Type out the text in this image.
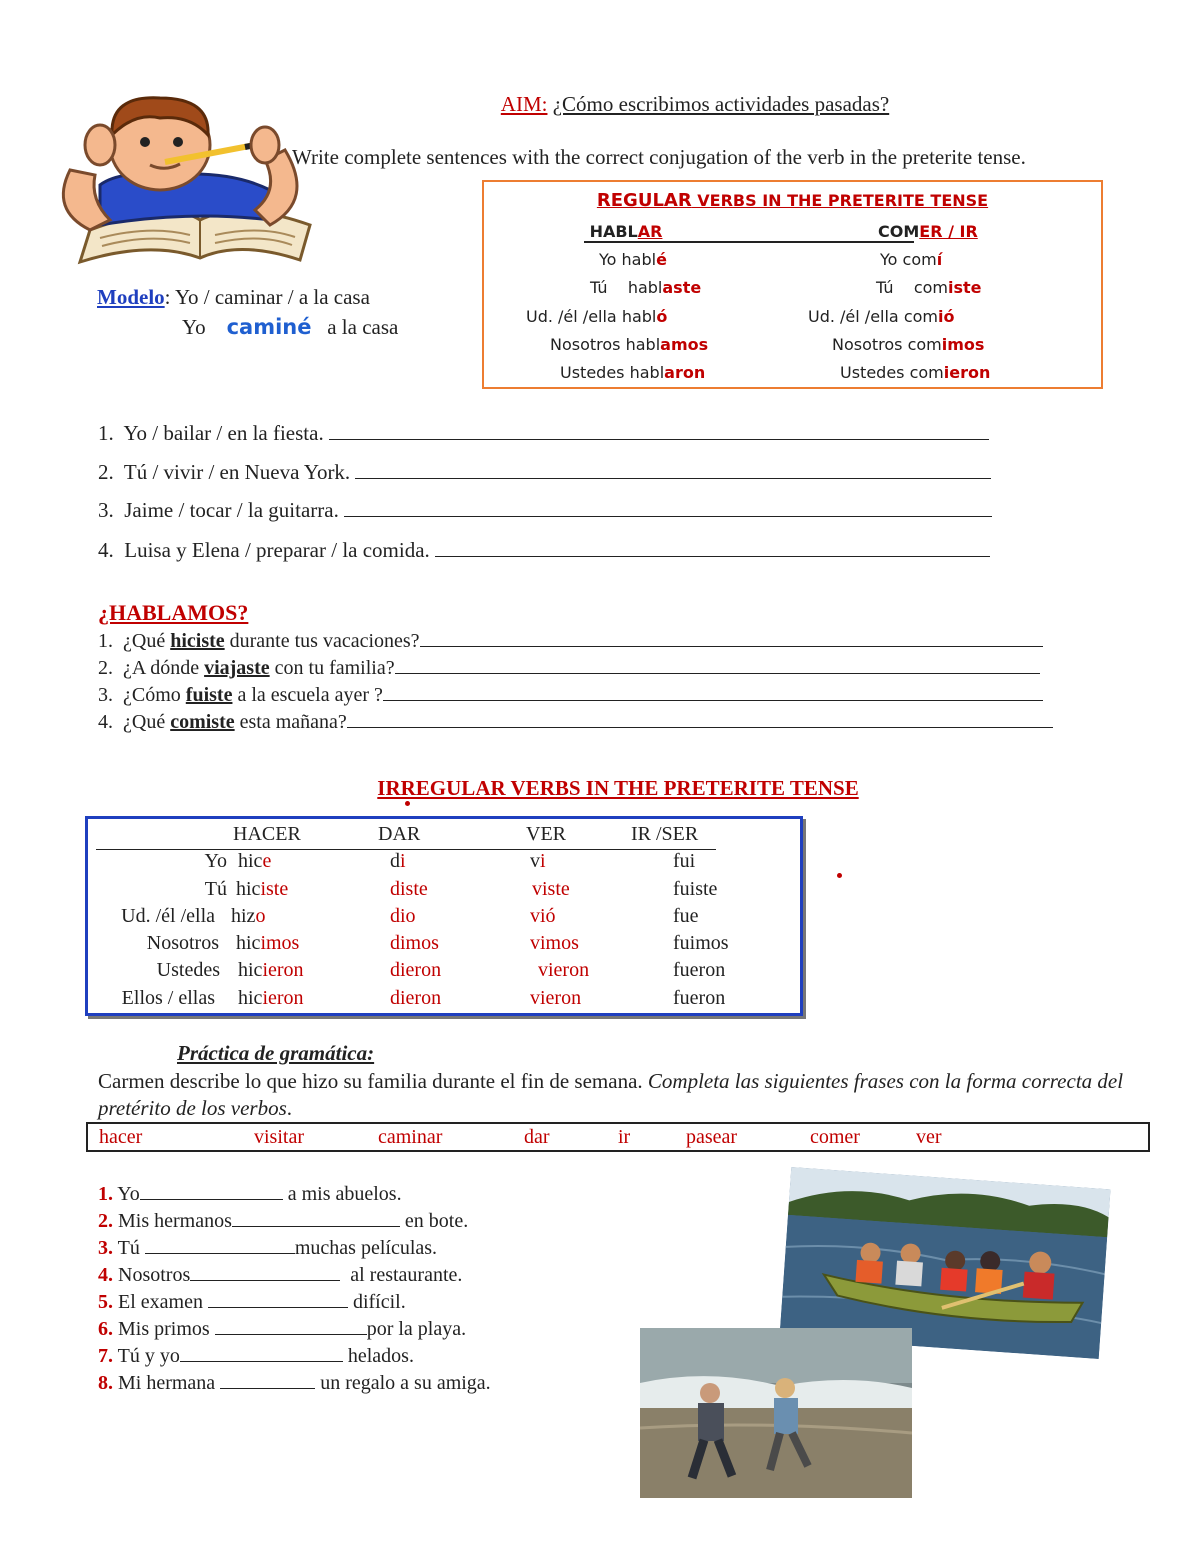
AIM: ¿Cómo escribimos actividades pasadas?
Write complete sentences with the correct conjugation of the verb in the preterite tense.
Modelo: Yo / caminar / a la casa
Yo caminé a la casa
REGULAR VERBS IN THE PRETERITE TENSE
HABLAR	COMER / IR
Yo hablé	Yo comí
Tú    hablaste	Tú    comiste
Ud. /él /ella habló	Ud. /él /ella comió
Nosotros hablamos	Nosotros comimos
Ustedes hablaron	Ustedes comieron
1.  Yo / bailar / en la fiesta.
2.  Tú / vivir / en Nueva York.
3.  Jaime / tocar / la guitarra.
4.  Luisa y Elena / preparar / la comida.
¿HABLAMOS?
1.  ¿Qué hiciste durante tus vacaciones?
2.  ¿A dónde viajaste con tu familia?
3.  ¿Cómo fuiste a la escuela ayer ?
4.  ¿Qué comiste esta mañana?
IRREGULAR VERBS IN THE PRETERITE TENSE
HACER	DAR	VER	IR /SER
Yo hice	di	vi	fui
Tú hiciste	diste	viste	fuiste
Ud. /él /ella hizo	dio	vió	fue
Nosotros hicimos	dimos	vimos	fuimos
Ustedes hicieron	dieron	vieron	fueron
Ellos / ellas hicieron	dieron	vieron	fueron
Práctica de gramática:
Carmen describe lo que hizo su familia durante el fin de semana. Completa las siguientes frases con la forma correcta del pretérito de los verbos.
hacer	visitar	caminar	dar	ir	pasear	comer	ver
1. Yo	a mis abuelos.
2. Mis hermanos	en bote.
3. Tú	muchas películas.
4. Nosotros	al restaurante.
5. El examen	difícil.
6. Mis primos	por la playa.
7. Tú y yo	helados.
8. Mi hermana	un regalo a su amiga.
